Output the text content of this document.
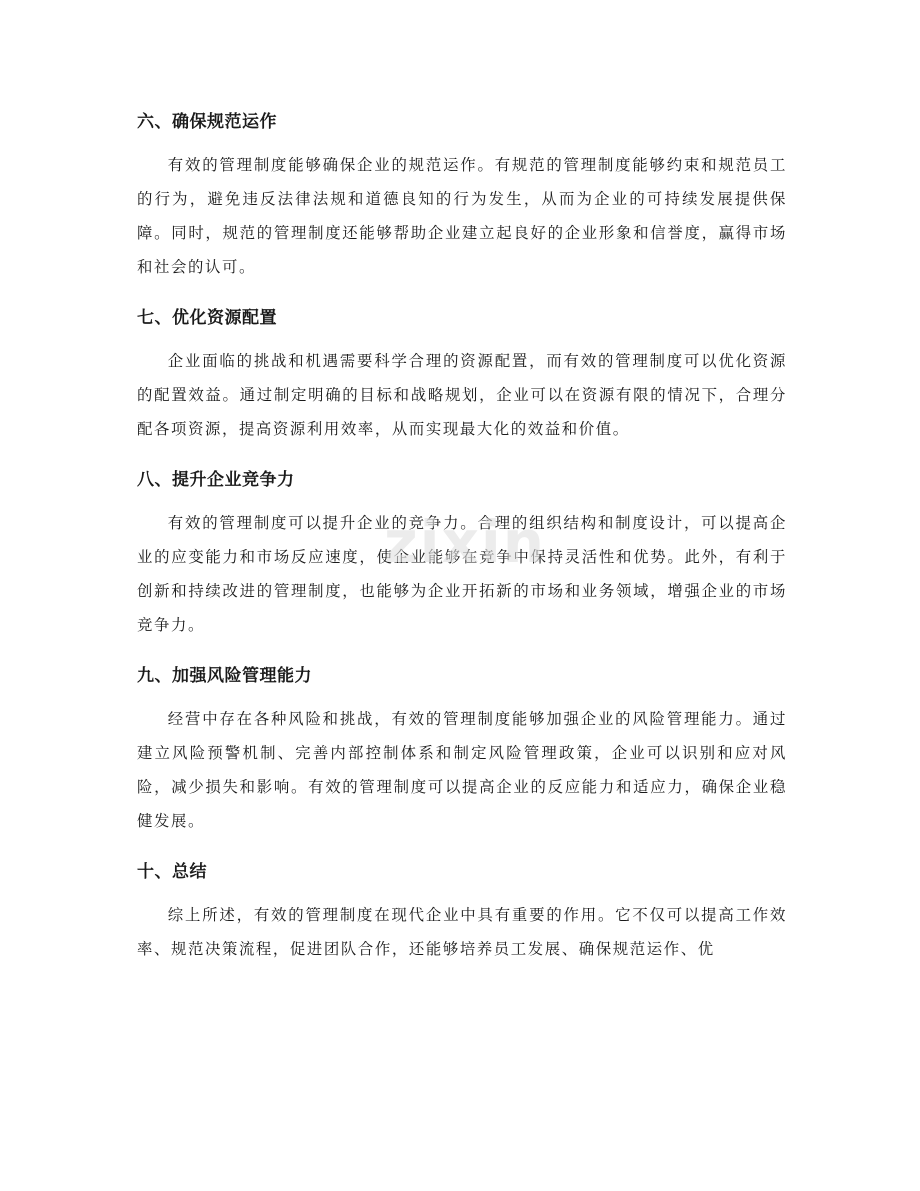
六、确保规范运作

有效的管理制度能够确保企业的规范运作。有规范的管理制度能够约束和规范员工的行为，避免违反法律法规和道德良知的行为发生，从而为企业的可持续发展提供保障。同时，规范的管理制度还能够帮助企业建立起良好的企业形象和信誉度，赢得市场和社会的认可。

七、优化资源配置

企业面临的挑战和机遇需要科学合理的资源配置，而有效的管理制度可以优化资源的配置效益。通过制定明确的目标和战略规划，企业可以在资源有限的情况下，合理分配各项资源，提高资源利用效率，从而实现最大化的效益和价值。

八、提升企业竞争力

有效的管理制度可以提升企业的竞争力。合理的组织结构和制度设计，可以提高企业的应变能力和市场反应速度，使企业能够在竞争中保持灵活性和优势。此外，有利于创新和持续改进的管理制度，也能够为企业开拓新的市场和业务领域，增强企业的市场竞争力。

九、加强风险管理能力

经营中存在各种风险和挑战，有效的管理制度能够加强企业的风险管理能力。通过建立风险预警机制、完善内部控制体系和制定风险管理政策，企业可以识别和应对风险，减少损失和影响。有效的管理制度可以提高企业的反应能力和适应力，确保企业稳健发展。

十、总结

综上所述，有效的管理制度在现代企业中具有重要的作用。它不仅可以提高工作效率、规范决策流程，促进团队合作，还能够培养员工发展、确保规范运作、优

zixin
